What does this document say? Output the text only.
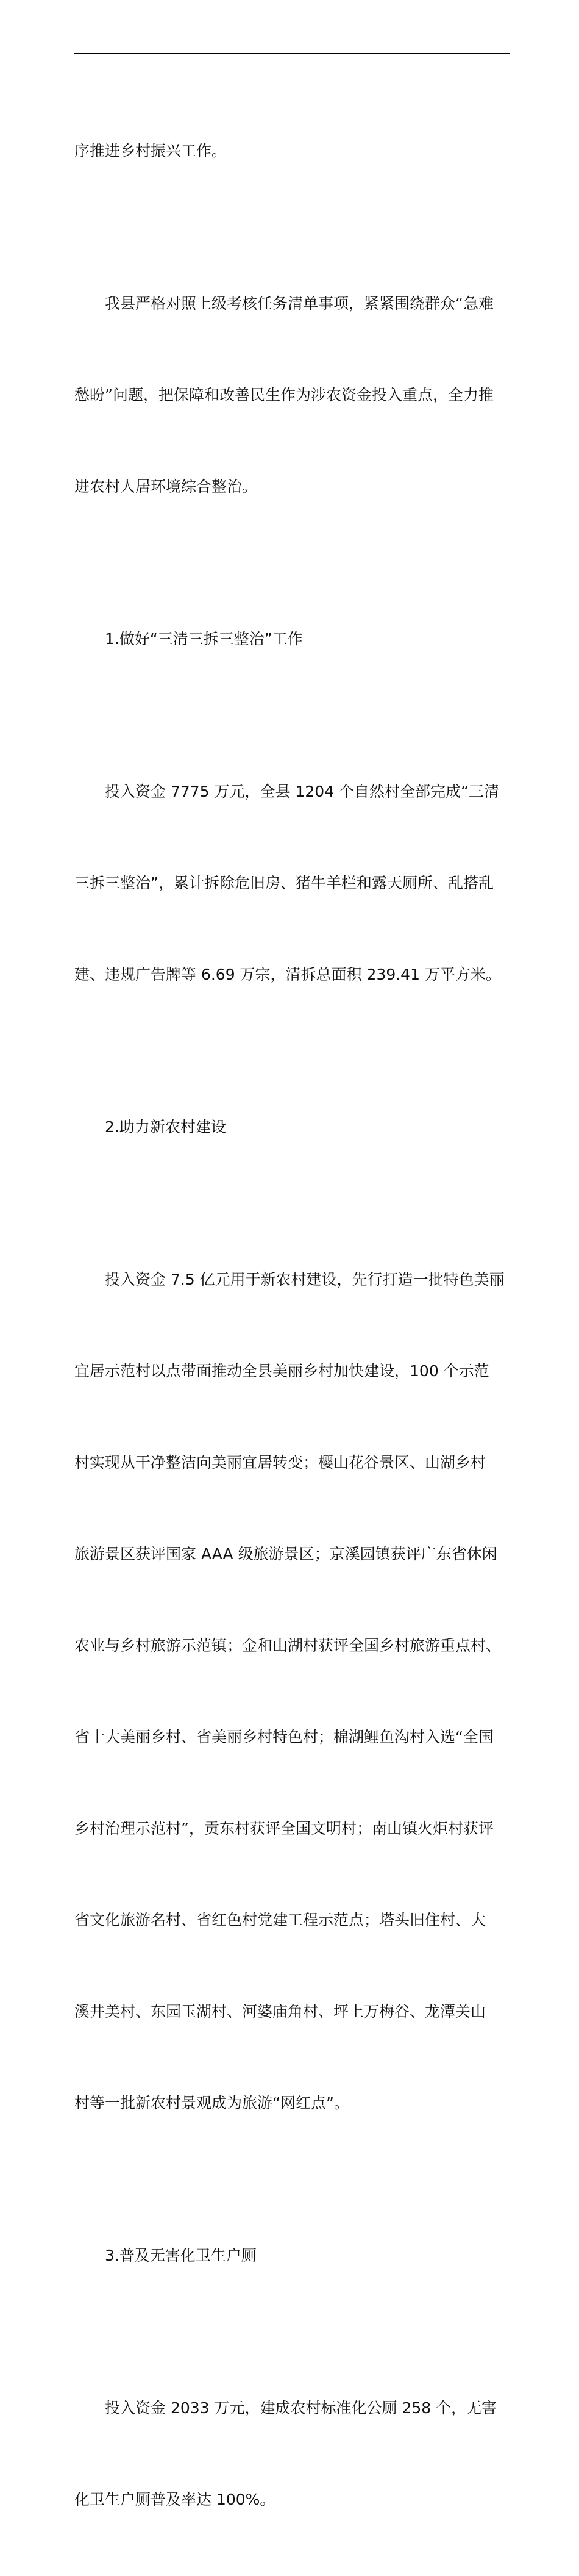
序推进乡村振兴工作。

我县严格对照上级考核任务清单事项，紧紧围绕群众“急难

愁盼”问题，把保障和改善民生作为涉农资金投入重点，全力推

进农村人居环境综合整治。

1.做好“三清三拆三整治”工作

投入资金 7775 万元，全县 1204 个自然村全部完成“三清

三拆三整治”，累计拆除危旧房、猪牛羊栏和露天厕所、乱搭乱

建、违规广告牌等 6.69 万宗，清拆总面积 239.41 万平方米。

2.助力新农村建设

投入资金 7.5 亿元用于新农村建设，先行打造一批特色美丽

宜居示范村以点带面推动全县美丽乡村加快建设，100 个示范

村实现从干净整洁向美丽宜居转变；樱山花谷景区、山湖乡村

旅游景区获评国家 AAA 级旅游景区；京溪园镇获评广东省休闲

农业与乡村旅游示范镇；金和山湖村获评全国乡村旅游重点村、

省十大美丽乡村、省美丽乡村特色村；棉湖鲤鱼沟村入选“全国

乡村治理示范村”，贡东村获评全国文明村；南山镇火炬村获评

省文化旅游名村、省红色村党建工程示范点；塔头旧住村、大

溪井美村、东园玉湖村、河婆庙角村、坪上万梅谷、龙潭关山

村等一批新农村景观成为旅游“网红点”。

3.普及无害化卫生户厕

投入资金 2033 万元，建成农村标准化公厕 258 个，无害

化卫生户厕普及率达 100%。
